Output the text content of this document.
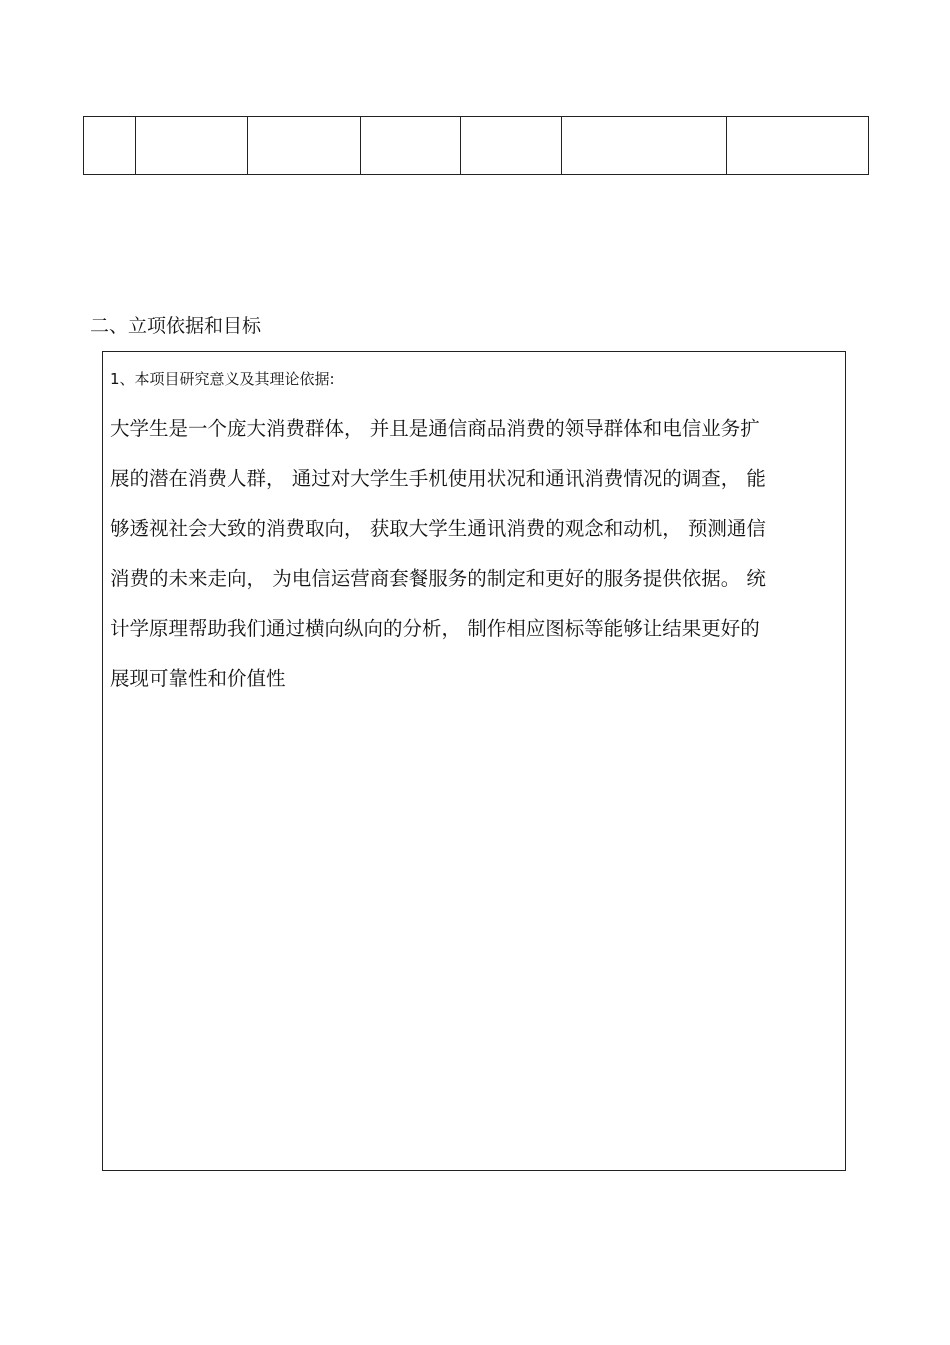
二、立项依据和目标
1、本项目研究意义及其理论依据:
大学生是一个庞大消费群体， 并且是通信商品消费的领导群体和电信业务扩
展的潜在消费人群， 通过对大学生手机使用状况和通讯消费情况的调查， 能
够透视社会大致的消费取向， 获取大学生通讯消费的观念和动机， 预测通信
消费的未来走向， 为电信运营商套餐服务的制定和更好的服务提供依据。 统
计学原理帮助我们通过横向纵向的分析， 制作相应图标等能够让结果更好的
展现可靠性和价值性
